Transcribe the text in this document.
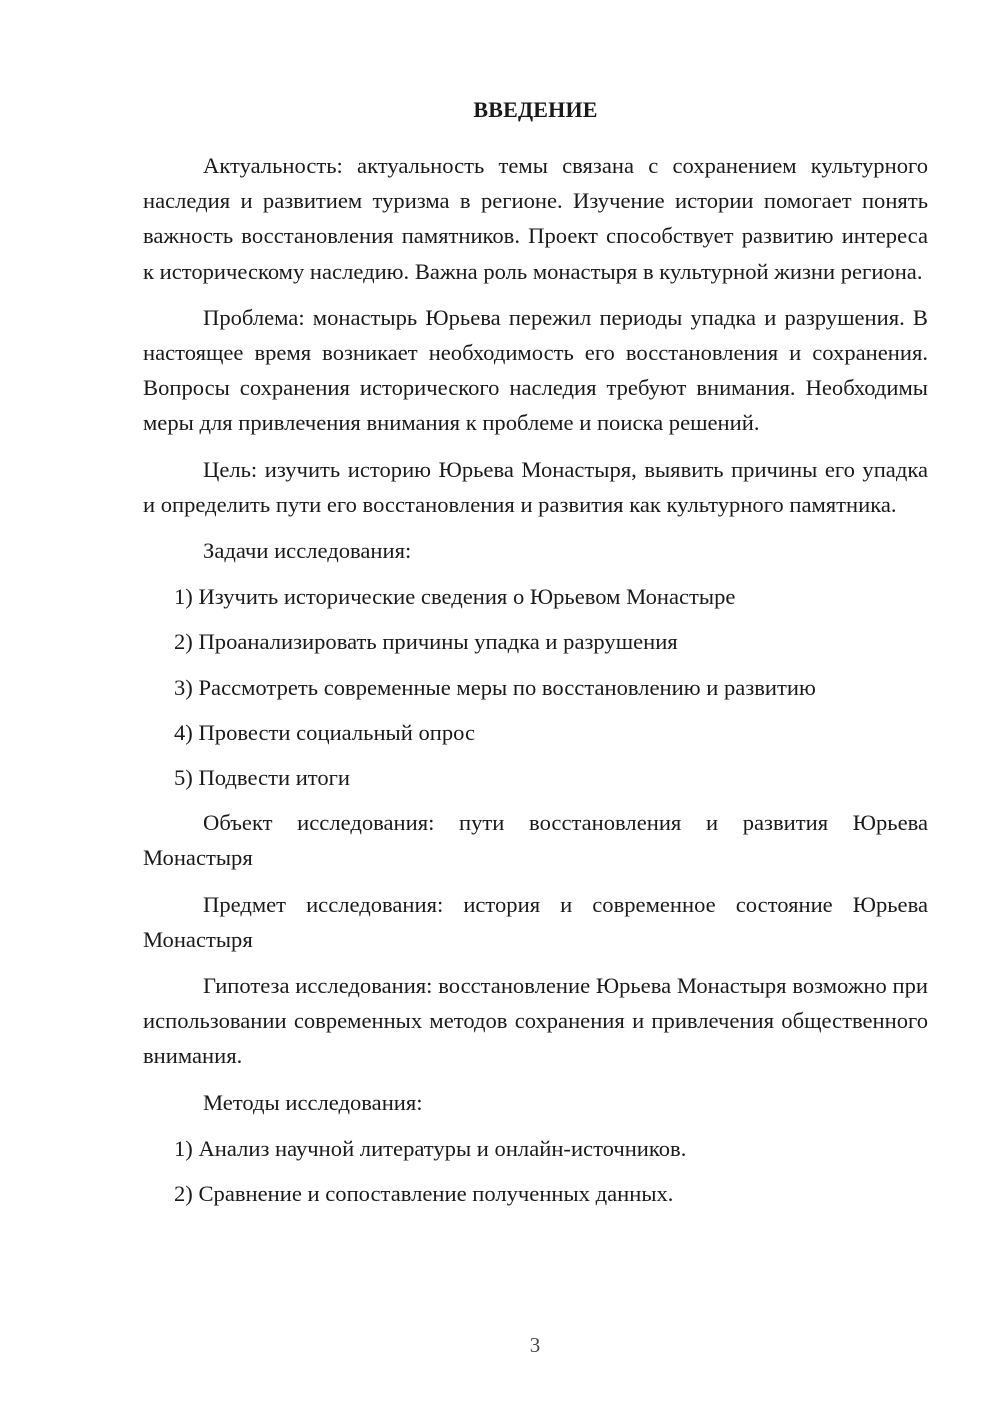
ВВЕДЕНИЕ

Актуальность: актуальность темы связана с сохранением культурного наследия и развитием туризма в регионе. Изучение истории помогает понять важность восстановления памятников. Проект способствует развитию интереса к историческому наследию. Важна роль монастыря в культурной жизни региона.

Проблема: монастырь Юрьева пережил периоды упадка и разрушения. В настоящее время возникает необходимость его восстановления и сохранения. Вопросы сохранения исторического наследия требуют внимания. Необходимы меры для привлечения внимания к проблеме и поиска решений.

Цель: изучить историю Юрьева Монастыря, выявить причины его упадка и определить пути его восстановления и развития как культурного памятника.

Задачи исследования:

1) Изучить исторические сведения о Юрьевом Монастыре
2) Проанализировать причины упадка и разрушения
3) Рассмотреть современные меры по восстановлению и развитию
4) Провести социальный опрос
5) Подвести итоги

Объект исследования: пути восстановления и развития Юрьева Монастыря

Предмет исследования: история и современное состояние Юрьева Монастыря

Гипотеза исследования: восстановление Юрьева Монастыря возможно при использовании современных методов сохранения и привлечения общественного внимания.

Методы исследования:

1) Анализ научной литературы и онлайн-источников.
2) Сравнение и сопоставление полученных данных.
3
